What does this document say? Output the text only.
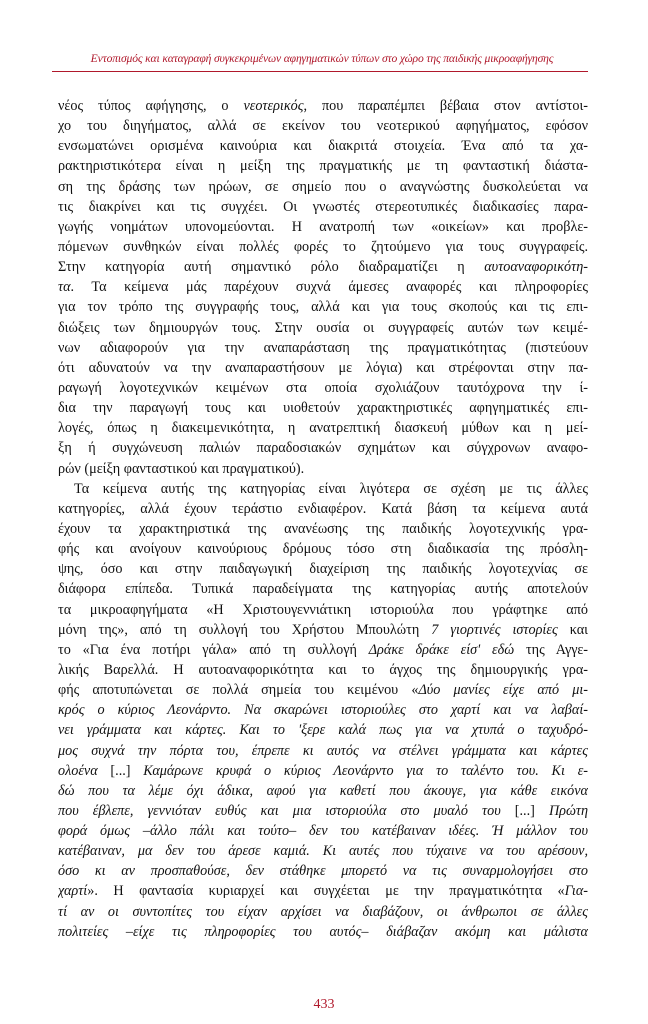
Εντοπισμός και καταγραφή συγκεκριμένων αφηγηματικών τύπων στο χώρο της παιδικής μικροαφήγησης
νέος τύπος αφήγησης, ο νεοτερικός, που παραπέμπει βέβαια στον αντίστοι-
χο του διηγήματος, αλλά σε εκείνον του νεοτερικού αφηγήματος, εφόσον
ενσωματώνει ορισμένα καινούρια και διακριτά στοιχεία. Ένα από τα χα-
ρακτηριστικότερα είναι η μείξη της πραγματικής με τη φανταστική διάστα-
ση της δράσης των ηρώων, σε σημείο που ο αναγνώστης δυσκολεύεται να
τις διακρίνει και τις συγχέει. Οι γνωστές στερεοτυπικές διαδικασίες παρα-
γωγής νοημάτων υπονομεύονται. Η ανατροπή των «οικείων» και προβλε-
πόμενων συνθηκών είναι πολλές φορές το ζητούμενο για τους συγγραφείς.
Στην κατηγορία αυτή σημαντικό ρόλο διαδραματίζει η αυτοαναφορικότη-
τα. Τα κείμενα μάς παρέχουν συχνά άμεσες αναφορές και πληροφορίες
για τον τρόπο της συγγραφής τους, αλλά και για τους σκοπούς και τις επι-
διώξεις των δημιουργών τους. Στην ουσία οι συγγραφείς αυτών των κειμέ-
νων αδιαφορούν για την αναπαράσταση της πραγματικότητας (πιστεύουν
ότι αδυνατούν να την αναπαραστήσουν με λόγια) και στρέφονται στην πα-
ραγωγή λογοτεχνικών κειμένων στα οποία σχολιάζουν ταυτόχρονα την ί-
δια την παραγωγή τους και υιοθετούν χαρακτηριστικές αφηγηματικές επι-
λογές, όπως η διακειμενικότητα, η ανατρεπτική διασκευή μύθων και η μεί-
ξη ή συγχώνευση παλιών παραδοσιακών σχημάτων και σύγχρονων αναφο-
ρών (μείξη φανταστικού και πραγματικού).
Τα κείμενα αυτής της κατηγορίας είναι λιγότερα σε σχέση με τις άλλες
κατηγορίες, αλλά έχουν τεράστιο ενδιαφέρον. Κατά βάση τα κείμενα αυτά
έχουν τα χαρακτηριστικά της ανανέωσης της παιδικής λογοτεχνικής γρα-
φής και ανοίγουν καινούριους δρόμους τόσο στη διαδικασία της πρόσλη-
ψης, όσο και στην παιδαγωγική διαχείριση της παιδικής λογοτεχνίας σε
διάφορα επίπεδα. Τυπικά παραδείγματα της κατηγορίας αυτής αποτελούν
τα μικροαφηγήματα «Η Χριστουγεννιάτικη ιστοριούλα που γράφτηκε από
μόνη της», από τη συλλογή του Χρήστου Μπουλώτη 7 γιορτινές ιστορίες και
το «Για ένα ποτήρι γάλα» από τη συλλογή Δράκε δράκε είσ' εδώ της Αγγε-
λικής Βαρελλά. Η αυτοαναφορικότητα και το άγχος της δημιουργικής γρα-
φής αποτυπώνεται σε πολλά σημεία του κειμένου «Δύο μανίες είχε από μι-
κρός ο κύριος Λεονάρντο. Να σκαρώνει ιστοριούλες στο χαρτί και να λαβαί-
νει γράμματα και κάρτες. Και το 'ξερε καλά πως για να χτυπά ο ταχυδρό-
μος συχνά την πόρτα του, έπρεπε κι αυτός να στέλνει γράμματα και κάρτες
ολοένα [...] Καμάρωνε κρυφά ο κύριος Λεονάρντο για το ταλέντο του. Κι ε-
δώ που τα λέμε όχι άδικα, αφού για καθετί που άκουγε, για κάθε εικόνα
που έβλεπε, γεννιόταν ευθύς και μια ιστοριούλα στο μυαλό του [...] Πρώτη
φορά όμως –άλλο πάλι και τούτο– δεν του κατέβαιναν ιδέες. Ή μάλλον του
κατέβαιναν, μα δεν του άρεσε καμιά. Κι αυτές που τύχαινε να του αρέσουν,
όσο κι αν προσπαθούσε, δεν στάθηκε μπορετό να τις συναρμολογήσει στο
χαρτί». Η φαντασία κυριαρχεί και συγχέεται με την πραγματικότητα «Για-
τί αν οι συντοπίτες του είχαν αρχίσει να διαβάζουν, οι άνθρωποι σε άλλες
πολιτείες –είχε τις πληροφορίες του αυτός– διάβαζαν ακόμη και μάλιστα
433
